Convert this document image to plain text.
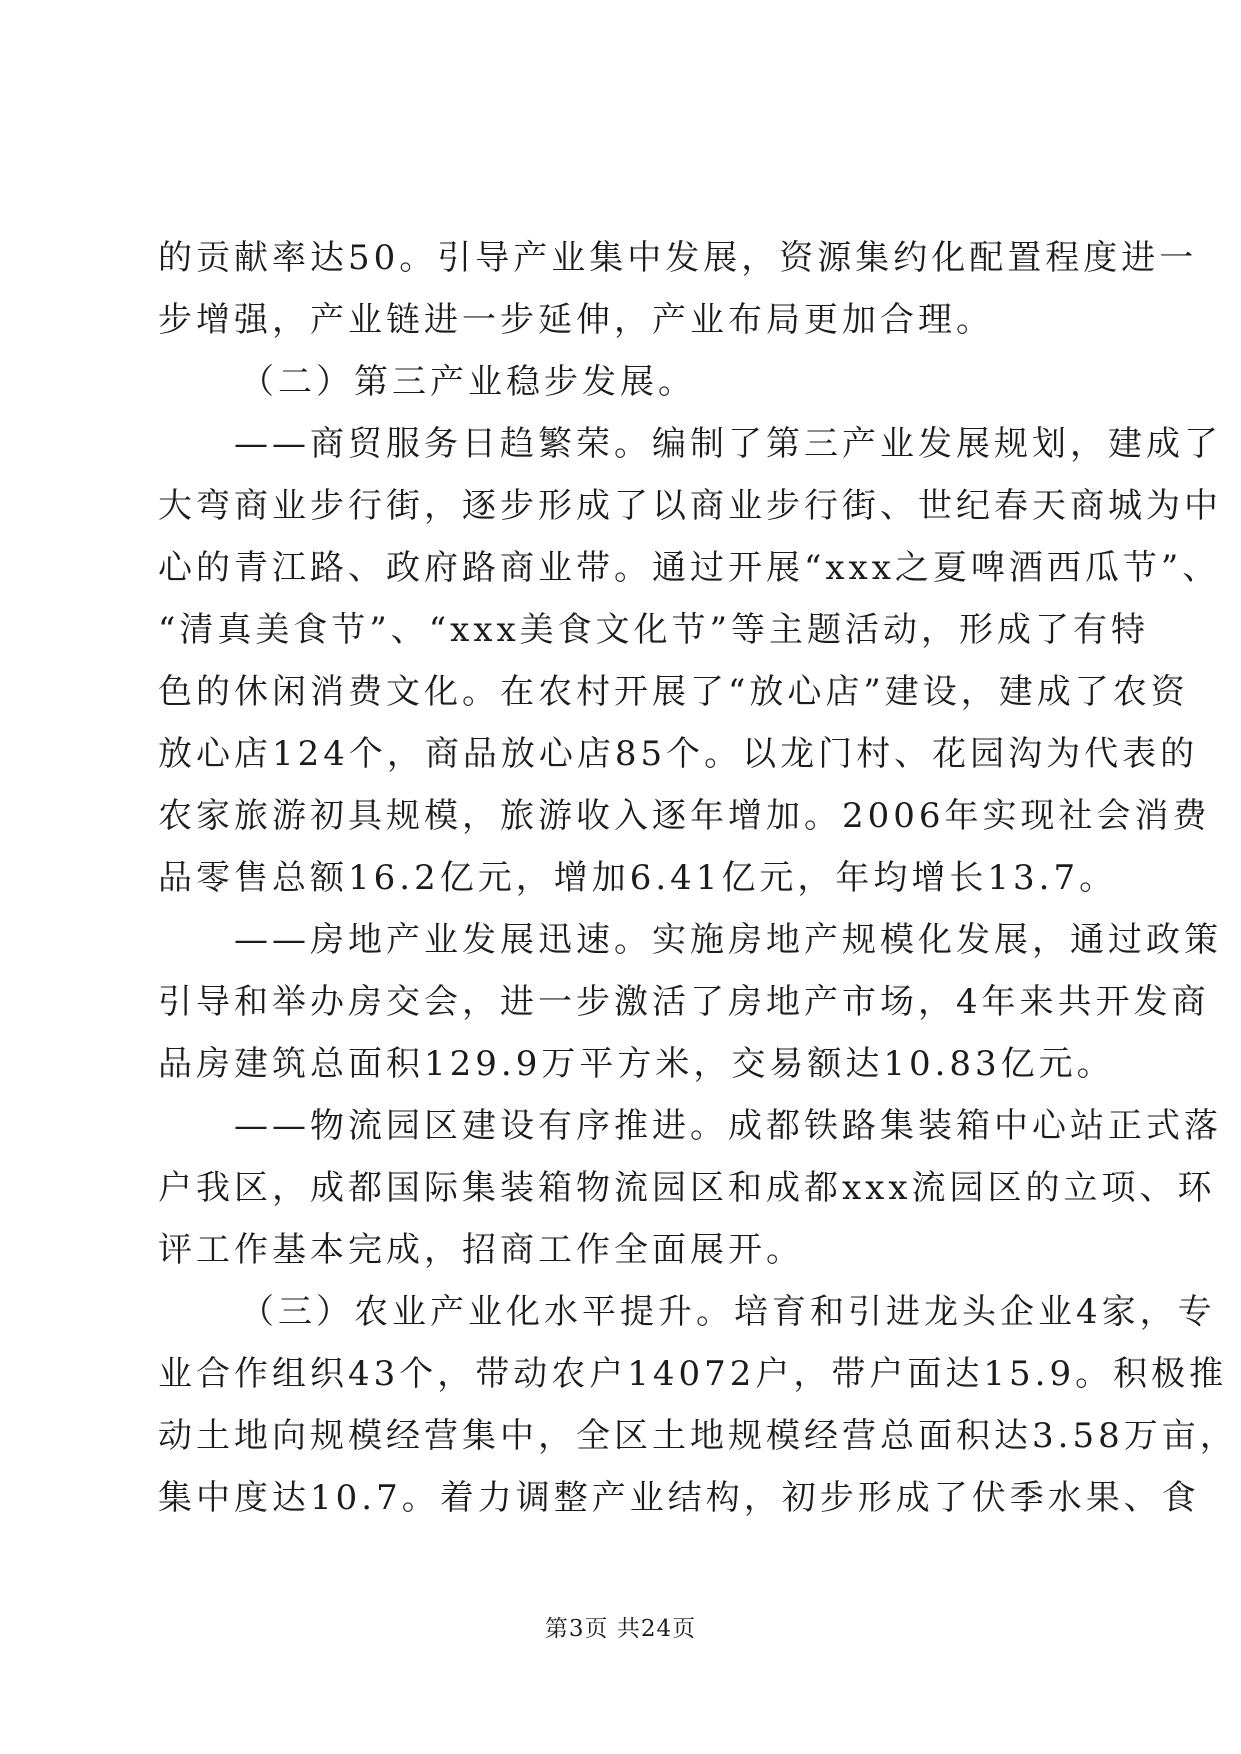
的贡献率达50。引导产业集中发展，资源集约化配置程度进一
步增强，产业链进一步延伸，产业布局更加合理。
（二）第三产业稳步发展。
——商贸服务日趋繁荣。编制了第三产业发展规划，建成了
大弯商业步行街，逐步形成了以商业步行街、世纪春天商城为中
心的青江路、政府路商业带。通过开展“xxx之夏啤酒西瓜节”、
“清真美食节”、“xxx美食文化节”等主题活动，形成了有特
色的休闲消费文化。在农村开展了“放心店”建设，建成了农资
放心店124个，商品放心店85个。以龙门村、花园沟为代表的
农家旅游初具规模，旅游收入逐年增加。2006年实现社会消费
品零售总额16.2亿元，增加6.41亿元，年均增长13.7。
——房地产业发展迅速。实施房地产规模化发展，通过政策
引导和举办房交会，进一步激活了房地产市场，4年来共开发商
品房建筑总面积129.9万平方米，交易额达10.83亿元。
——物流园区建设有序推进。成都铁路集装箱中心站正式落
户我区，成都国际集装箱物流园区和成都xxx流园区的立项、环
评工作基本完成，招商工作全面展开。
（三）农业产业化水平提升。培育和引进龙头企业4家，专
业合作组织43个，带动农户14072户，带户面达15.9。积极推
动土地向规模经营集中，全区土地规模经营总面积达3.58万亩，
集中度达10.7。着力调整产业结构，初步形成了伏季水果、食
第3页 共24页
